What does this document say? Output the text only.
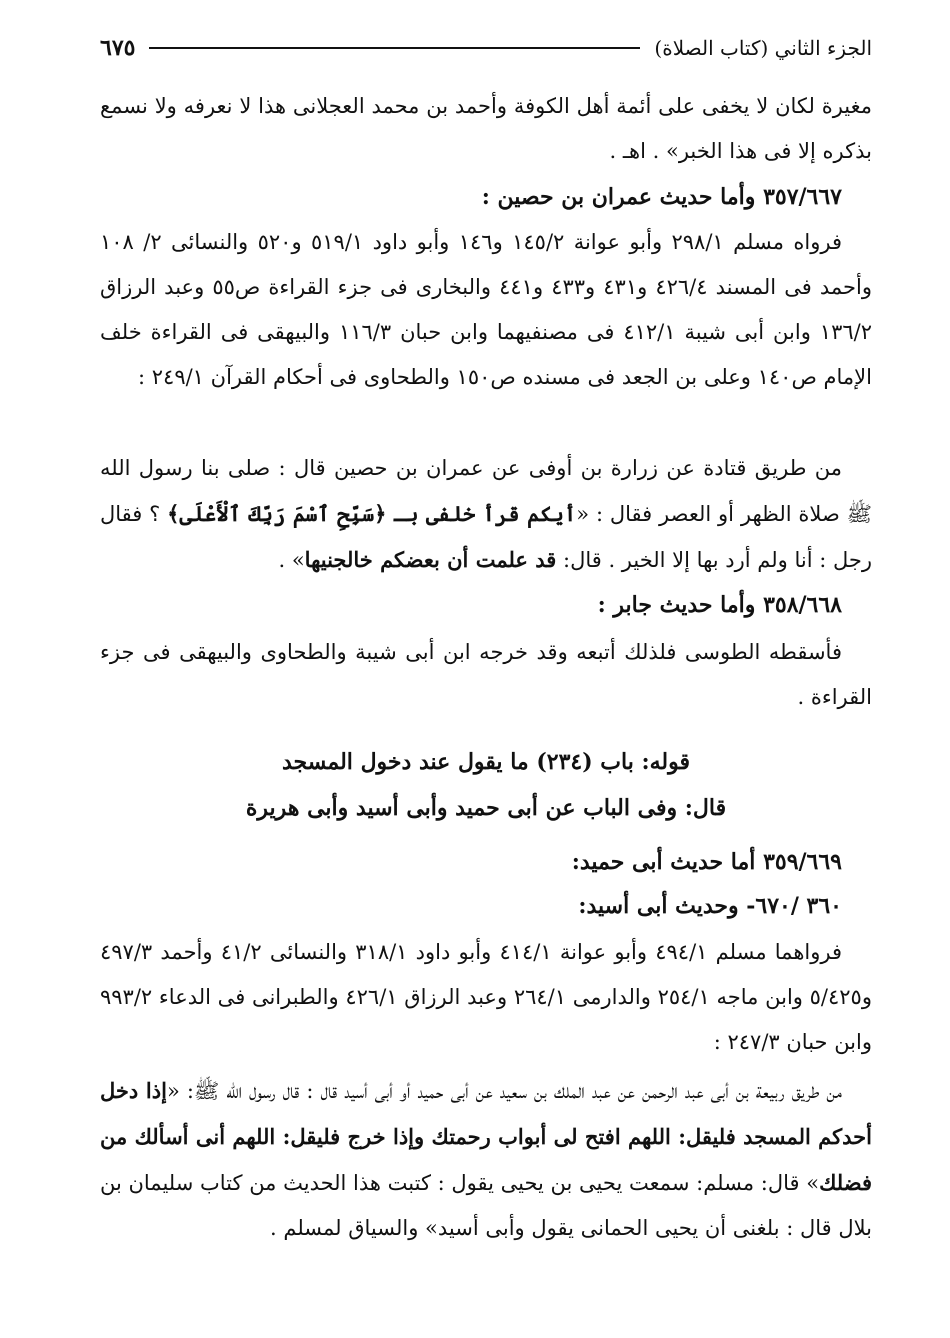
الجزء الثاني (كتاب الصلاة)
٦٧٥

مغيرة لكان لا يخفى على أئمة أهل الكوفة وأحمد بن محمد العجلانى هذا لا نعرفه ولا نسمع بذكره إلا فى هذا الخبر» . اهـ .

٣٥٧/٦٦٧ وأما حديث عمران بن حصين :

فرواه مسلم ٢٩٨/١ وأبو عوانة ١٤٥/٢ و١٤٦ وأبو داود ٥١٩/١ و٥٢٠ والنسائى ٢/ ١٠٨ وأحمد فى المسند ٤٢٦/٤ و٤٣١ و٤٣٣ و٤٤١ والبخارى فى جزء القراءة ص٥٥ وعبد الرزاق ١٣٦/٢ وابن أبى شيبة ٤١٢/١ فى مصنفيهما وابن حبان ١١٦/٣ والبيهقى فى القراءة خلف الإمام ص١٤٠ وعلى بن الجعد فى مسنده ص١٥٠ والطحاوى فى أحكام القرآن ٢٤٩/١ :

من طريق قتادة عن زرارة بن أوفى عن عمران بن حصين قال : صلى بنا رسول الله ﷺ صلاة الظهر أو العصر فقال : «أيكم قرأ خلفى بـ ﴿سَبِّحِ ٱسْمَ رَبِّكَ ٱلْأَعْلَى﴾ ؟ فقال رجل : أنا ولم أرد بها إلا الخير . قال: قد علمت أن بعضكم خالجنيها» .

٣٥٨/٦٦٨ وأما حديث جابر :

فأسقطه الطوسى فلذلك أتبعه وقد خرجه ابن أبى شيبة والطحاوى والبيهقى فى جزء القراءة .

قوله: باب (٢٣٤) ما يقول عند دخول المسجد

قال: وفى الباب عن أبى حميد وأبى أسيد وأبى هريرة

٣٥٩/٦٦٩ أما حديث أبى حميد:

٣٦٠ /٦٧٠- وحديث أبى أسيد:

فرواهما مسلم ٤٩٤/١ وأبو عوانة ٤١٤/١ وأبو داود ٣١٨/١ والنسائى ٤١/٢ وأحمد ٤٩٧/٣ و٥/٤٢٥ وابن ماجه ٢٥٤/١ والدارمى ٢٦٤/١ وعبد الرزاق ٤٢٦/١ والطبرانى فى الدعاء ٩٩٣/٢ وابن حبان ٢٤٧/٣ :

من طريق ربيعة بن أبى عبد الرحمن عن عبد الملك بن سعيد عن أبى حميد أو أبى أسيد قال : قال رسول الله ﷺ: «إذا دخل أحدكم المسجد فليقل: اللهم افتح لى أبواب رحمتك وإذا خرج فليقل: اللهم أنى أسألك من فضلك» قال: مسلم: سمعت يحيى بن يحيى يقول : كتبت هذا الحديث من كتاب سليمان بن بلال قال : بلغنى أن يحيى الحمانى يقول وأبى أسيد» والسياق لمسلم .
